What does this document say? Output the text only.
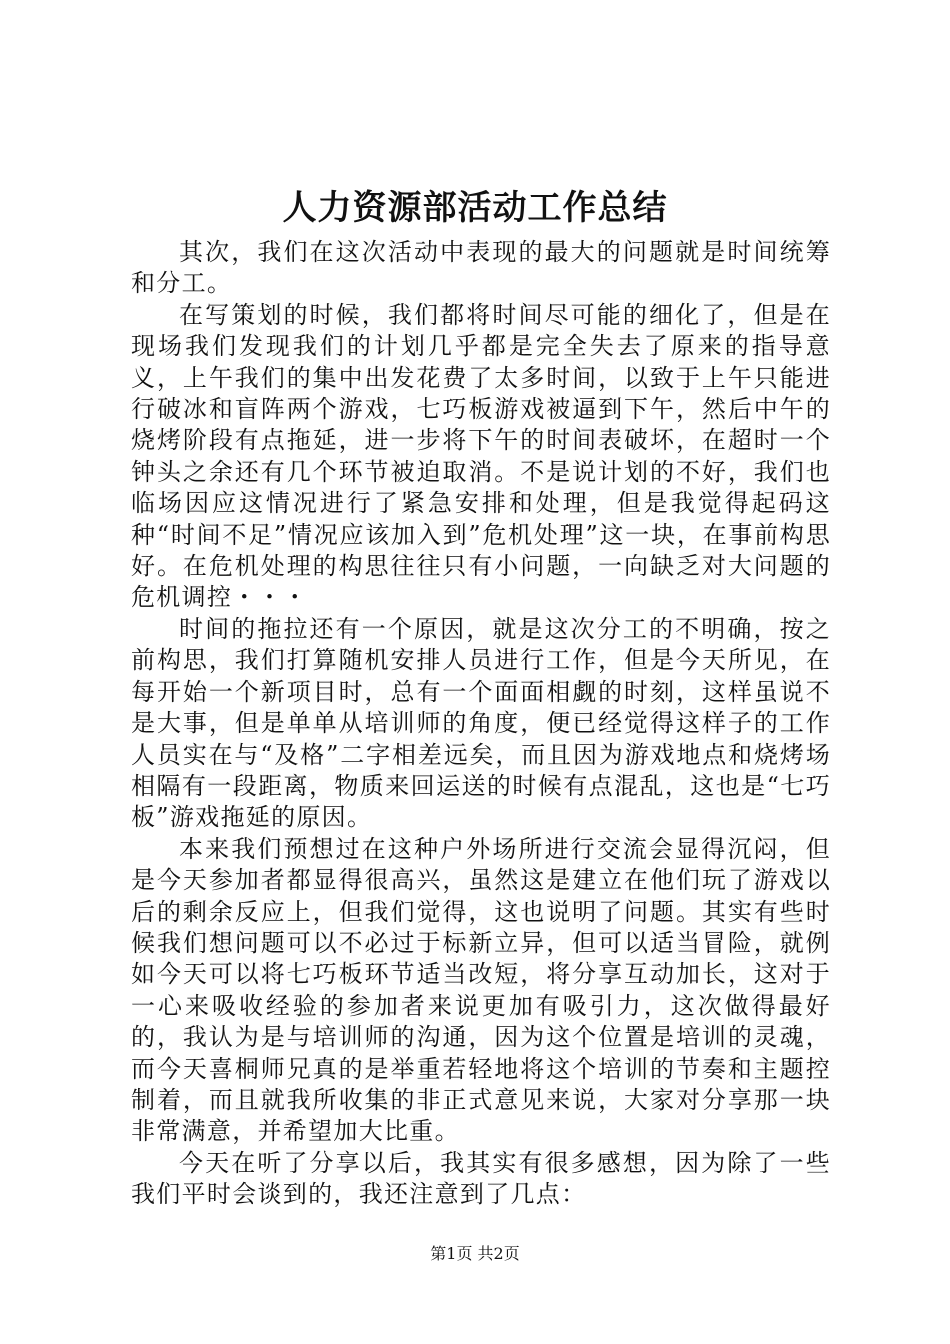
人力资源部活动工作总结

其次，我们在这次活动中表现的最大的问题就是时间统筹和分工。

在写策划的时候，我们都将时间尽可能的细化了，但是在现场我们发现我们的计划几乎都是完全失去了原来的指导意义，上午我们的集中出发花费了太多时间，以致于上午只能进行破冰和盲阵两个游戏，七巧板游戏被逼到下午，然后中午的烧烤阶段有点拖延，进一步将下午的时间表破坏，在超时一个钟头之余还有几个环节被迫取消。不是说计划的不好，我们也临场因应这情况进行了紧急安排和处理，但是我觉得起码这种“时间不足”情况应该加入到”危机处理”这一块，在事前构思好。在危机处理的构思往往只有小问题，一向缺乏对大问题的危机调控・・・

时间的拖拉还有一个原因，就是这次分工的不明确，按之前构思，我们打算随机安排人员进行工作，但是今天所见，在每开始一个新项目时，总有一个面面相觑的时刻，这样虽说不是大事，但是单单从培训师的角度，便已经觉得这样子的工作人员实在与“及格”二字相差远矣，而且因为游戏地点和烧烤场相隔有一段距离，物质来回运送的时候有点混乱，这也是“七巧板”游戏拖延的原因。

本来我们预想过在这种户外场所进行交流会显得沉闷，但是今天参加者都显得很高兴，虽然这是建立在他们玩了游戏以后的剩余反应上，但我们觉得，这也说明了问题。其实有些时候我们想问题可以不必过于标新立异，但可以适当冒险，就例如今天可以将七巧板环节适当改短，将分享互动加长，这对于一心来吸收经验的参加者来说更加有吸引力，这次做得最好的，我认为是与培训师的沟通，因为这个位置是培训的灵魂，而今天喜桐师兄真的是举重若轻地将这个培训的节奏和主题控制着，而且就我所收集的非正式意见来说，大家对分享那一块非常满意，并希望加大比重。

今天在听了分享以后，我其实有很多感想，因为除了一些我们平时会谈到的，我还注意到了几点：

第1页 共2页
